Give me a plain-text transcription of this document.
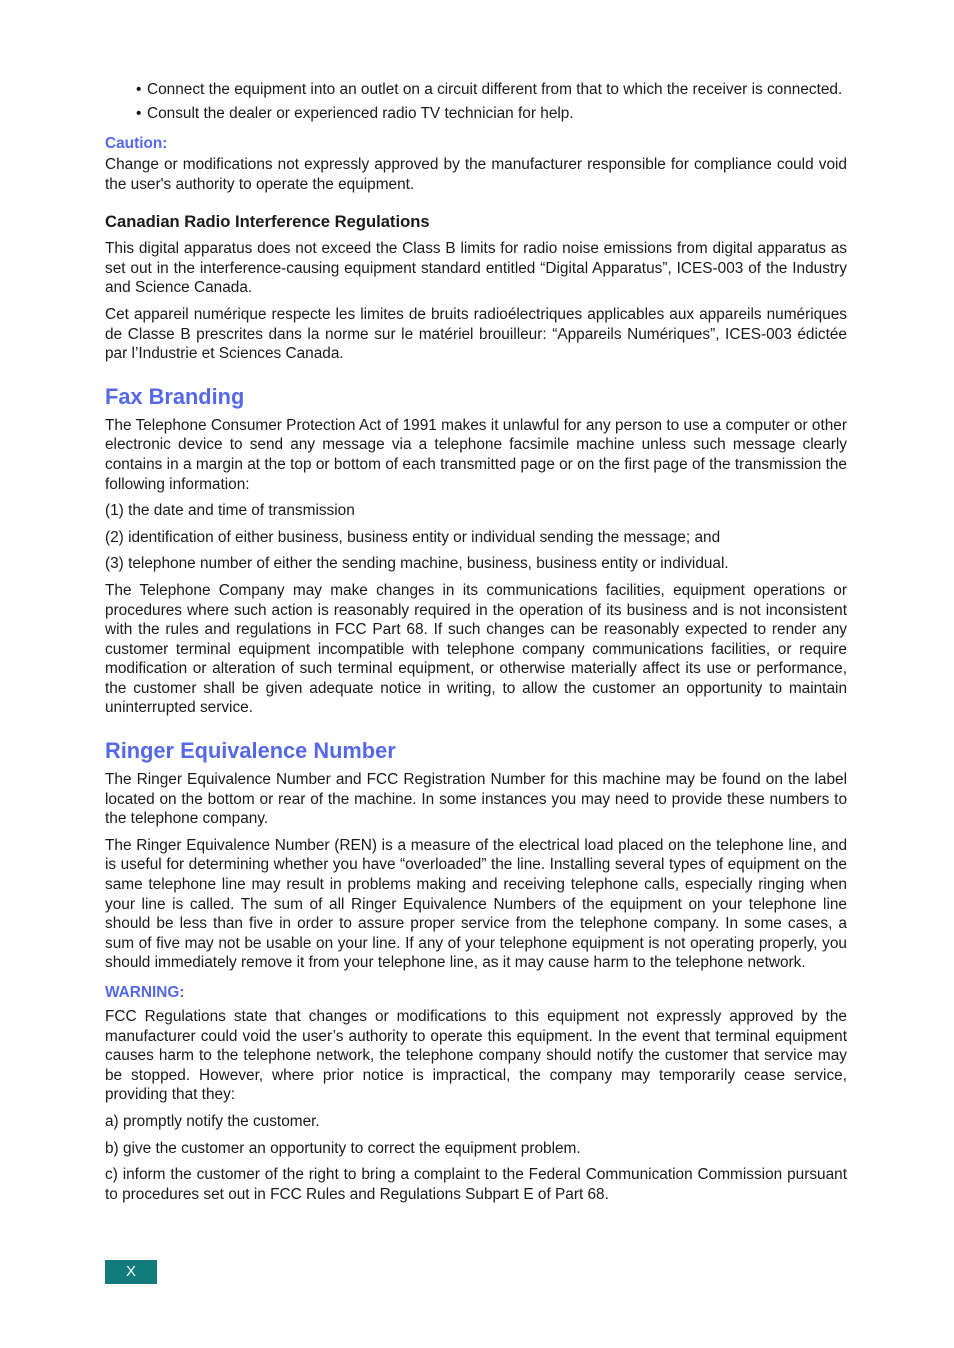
• Connect the equipment into an outlet on a circuit different from that to which the receiver is connected.
• Consult the dealer or experienced radio TV technician for help.
Caution:

Change or modifications not expressly approved by the manufacturer responsible for compliance could void the user's authority to operate the equipment.

Canadian Radio Interference Regulations

This digital apparatus does not exceed the Class B limits for radio noise emissions from digital apparatus as set out in the interference-causing equipment standard entitled “Digital Apparatus”, ICES-003 of the Industry and Science Canada.

Cet appareil numérique respecte les limites de bruits radioélectriques applicables aux appareils numériques de Classe B prescrites dans la norme sur le matériel brouilleur: “Appareils Numériques”, ICES-003 édictée par l’Industrie et Sciences Canada.

Fax Branding

The Telephone Consumer Protection Act of 1991 makes it unlawful for any person to use a computer or other electronic device to send any message via a telephone facsimile machine unless such message clearly contains in a margin at the top or bottom of each transmitted page or on the first page of the transmission the following information:

(1) the date and time of transmission

(2) identification of either business, business entity or individual sending the message; and

(3) telephone number of either the sending machine, business, business entity or individual.

The Telephone Company may make changes in its communications facilities, equipment operations or procedures where such action is reasonably required in the operation of its business and is not inconsistent with the rules and regulations in FCC Part 68. If such changes can be reasonably expected to render any customer terminal equipment incompatible with telephone company communications facilities, or require modification or alteration of such terminal equipment, or otherwise materially affect its use or performance, the customer shall be given adequate notice in writing, to allow the customer an opportunity to maintain uninterrupted service.

Ringer Equivalence Number

The Ringer Equivalence Number and FCC Registration Number for this machine may be found on the label located on the bottom or rear of the machine. In some instances you may need to provide these numbers to the telephone company.

The Ringer Equivalence Number (REN) is a measure of the electrical load placed on the telephone line, and is useful for determining whether you have “overloaded” the line. Installing several types of equipment on the same telephone line may result in problems making and receiving telephone calls, especially ringing when your line is called. The sum of all Ringer Equivalence Numbers of the equipment on your telephone line should be less than five in order to assure proper service from the telephone company. In some cases, a sum of five may not be usable on your line. If any of your telephone equipment is not operating properly, you should immediately remove it from your telephone line, as it may cause harm to the telephone network.

WARNING:

FCC Regulations state that changes or modifications to this equipment not expressly approved by the manufacturer could void the user’s authority to operate this equipment. In the event that terminal equipment causes harm to the telephone network, the telephone company should notify the customer that service may be stopped. However, where prior notice is impractical, the company may temporarily cease service, providing that they:

a) promptly notify the customer.

b) give the customer an opportunity to correct the equipment problem.

c) inform the customer of the right to bring a complaint to the Federal Communication Commission pursuant to procedures set out in FCC Rules and Regulations Subpart E of Part 68.

X
